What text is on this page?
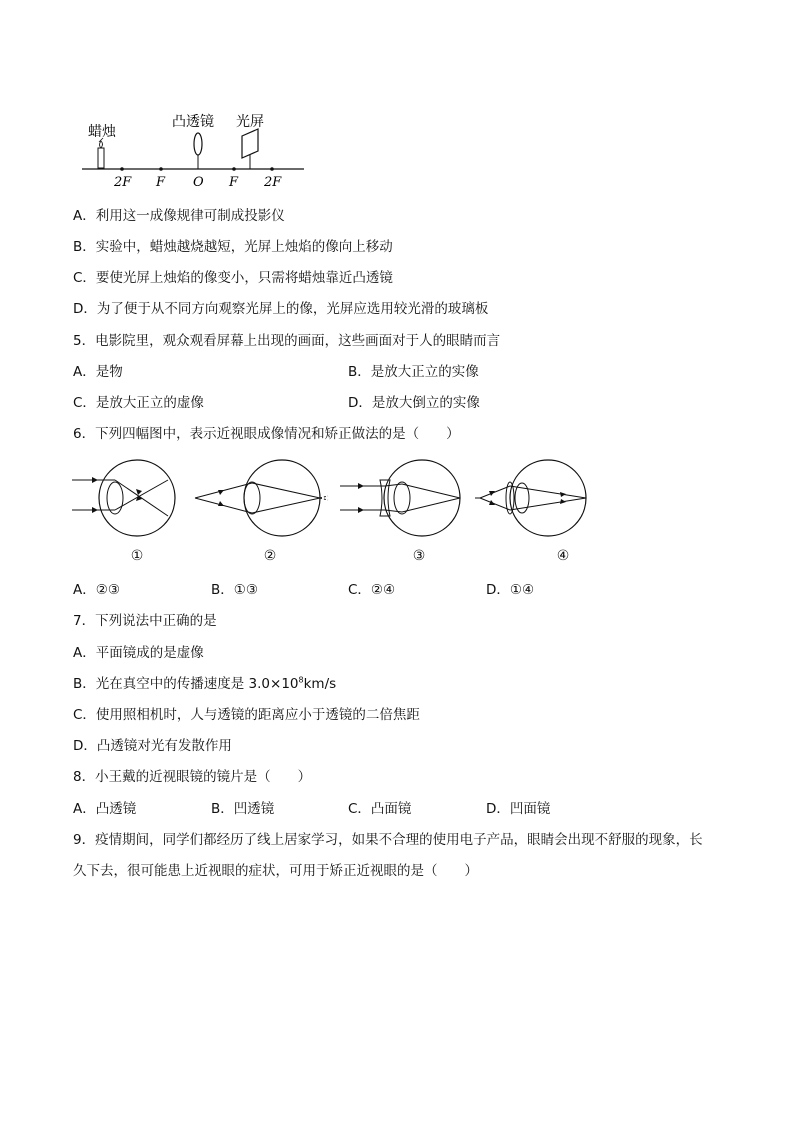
蜡烛
凸透镜 光屏
2F F O F 2F
A．利用这一成像规律可制成投影仪
B．实验中，蜡烛越烧越短，光屏上烛焰的像向上移动
C．要使光屏上烛焰的像变小，只需将蜡烛靠近凸透镜
D．为了便于从不同方向观察光屏上的像，光屏应选用较光滑的玻璃板
5．电影院里，观众观看屏幕上出现的画面，这些画面对于人的眼睛而言
A．是物	B．是放大正立的实像
C．是放大正立的虚像	D．是放大倒立的实像
6．下列四幅图中，表示近视眼成像情况和矫正做法的是（　　）
①	②	③	④
A．②③	B．①③	C．②④	D．①④
7．下列说法中正确的是
A．平面镜成的是虚像
B．光在真空中的传播速度是 $3.0\times 10^8km/s$
C．使用照相机时，人与透镜的距离应小于透镜的二倍焦距
D．凸透镜对光有发散作用
8．小王戴的近视眼镜的镜片是（　　）
A．凸透镜	B．凹透镜	C．凸面镜	D．凹面镜
9．疫情期间，同学们都经历了线上居家学习，如果不合理的使用电子产品，眼睛会出现不舒服的现象，长
久下去，很可能患上近视眼的症状，可用于矫正近视眼的是（　　）
